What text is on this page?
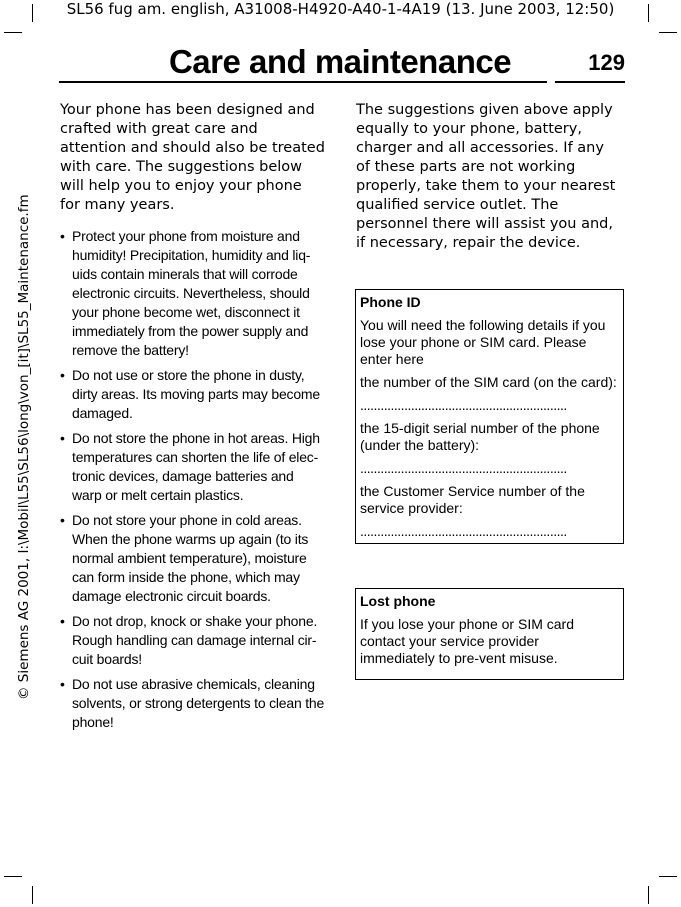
SL56 fug am. english, A31008-H4920-A40-1-4A19 (13. June 2003, 12:50)
Care and maintenance	129
© Siemens AG 2001, I:\Mobil\L55\SL56\long\von_[it]\SL55_Maintenance.fm

Your phone has been designed and crafted with great care and attention and should also be treated with care. The suggestions below will help you to enjoy your phone for many years.

• Protect your phone from moisture and humidity! Precipitation, humidity and liq-uids contain minerals that will corrode electronic circuits. Nevertheless, should your phone become wet, disconnect it immediately from the power supply and remove the battery!
• Do not use or store the phone in dusty, dirty areas. Its moving parts may become damaged.
• Do not store the phone in hot areas. High temperatures can shorten the life of elec-tronic devices, damage batteries and warp or melt certain plastics.
• Do not store your phone in cold areas. When the phone warms up again (to its normal ambient temperature), moisture can form inside the phone, which may damage electronic circuit boards.
• Do not drop, knock or shake your phone. Rough handling can damage internal cir-cuit boards!
• Do not use abrasive chemicals, cleaning solvents, or strong detergents to clean the phone!

The suggestions given above apply equally to your phone, battery, charger and all accessories. If any of these parts are not working properly, take them to your nearest qualified service outlet. The personnel there will assist you and, if necessary, repair the device.

Phone ID

You will need the following details if you lose your phone or SIM card. Please enter here

the number of the SIM card (on the card):

.............................................................

the 15-digit serial number of the phone (under the battery):

.............................................................

the Customer Service number of the service provider:

.............................................................

Lost phone

If you lose your phone or SIM card contact your service provider immediately to pre-vent misuse.
